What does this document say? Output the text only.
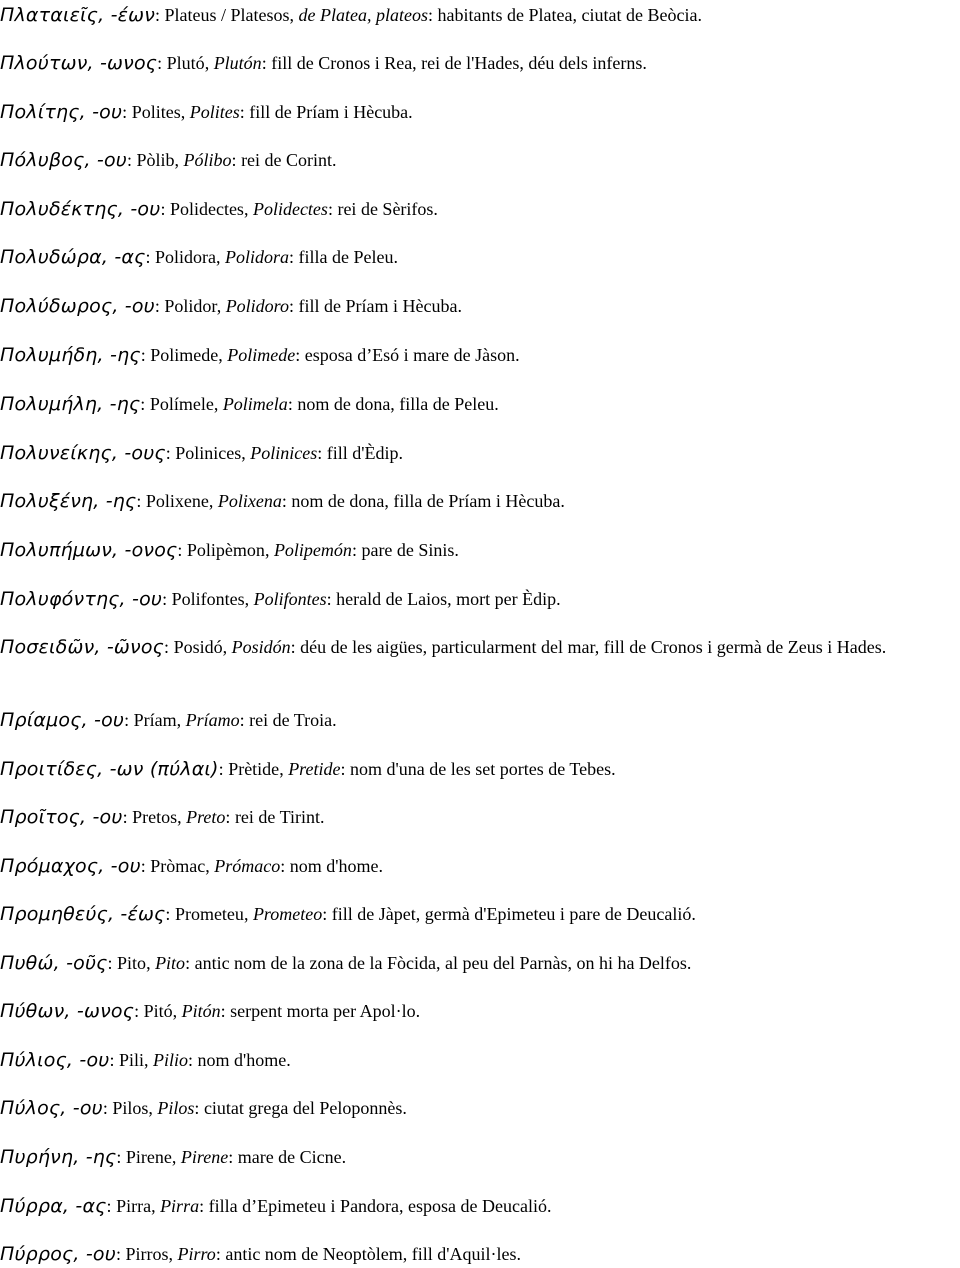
Πλαταιεῖς, -έων: Plateus / Platesos, de Platea, plateos: habitants de Platea, ciutat de Beòcia.
Πλούτων, -ωνος: Plutó, Plutón: fill de Cronos i Rea, rei de l'Hades, déu dels inferns.
Πολίτης, -ου: Polites, Polites: fill de Príam i Hècuba.
Πόλυβος, -ου: Pòlib, Pólibo: rei de Corint.
Πολυδέκτης, -ου: Polidectes, Polidectes: rei de Sèrifos.
Πολυδώρα, -ας: Polidora, Polidora: filla de Peleu.
Πολύδωρος, -ου: Polidor, Polidoro: fill de Príam i Hècuba.
Πολυμήδη, -ης: Polimede, Polimede: esposa d’Esó i mare de Jàson.
Πολυμήλη, -ης: Polímele, Polimela: nom de dona, filla de Peleu.
Πολυνείκης, -ους: Polinices, Polinices: fill d'Èdip.
Πολυξένη, -ης: Polixene, Polixena: nom de dona, filla de Príam i Hècuba.
Πολυπήμων, -ονος: Polipèmon, Polipemón: pare de Sinis.
Πολυφόντης, -ου: Polifontes, Polifontes: herald de Laios, mort per Èdip.
Ποσειδῶν, -ῶνος: Posidó, Posidón: déu de les aigües, particularment del mar, fill de Cronos i germà de Zeus i Hades.
Πρίαμος, -ου: Príam, Príamo: rei de Troia.
Προιτίδες, -ων (πύλαι): Prètide, Pretide: nom d'una de les set portes de Tebes.
Προῖτος, -ου: Pretos, Preto: rei de Tirint.
Πρόμαχος, -ου: Pròmac, Prómaco: nom d'home.
Προμηθεύς, -έως: Prometeu, Prometeo: fill de Jàpet, germà d'Epimeteu i pare de Deucalió.
Πυθώ, -οῦς: Pito, Pito: antic nom de la zona de la Fòcida, al peu del Parnàs, on hi ha Delfos.
Πύθων, -ωνος: Pitó, Pitón: serpent morta per Apol·lo.
Πύλιος, -ου: Pili, Pilio: nom d'home.
Πύλος, -ου: Pilos, Pilos: ciutat grega del Peloponnès.
Πυρήνη, -ης: Pirene, Pirene: mare de Cicne.
Πύρρα, -ας: Pirra, Pirra: filla d’Epimeteu i Pandora, esposa de Deucalió.
Πύρρος, -ου: Pirros, Pirro: antic nom de Neoptòlem, fill d'Aquil·les.
